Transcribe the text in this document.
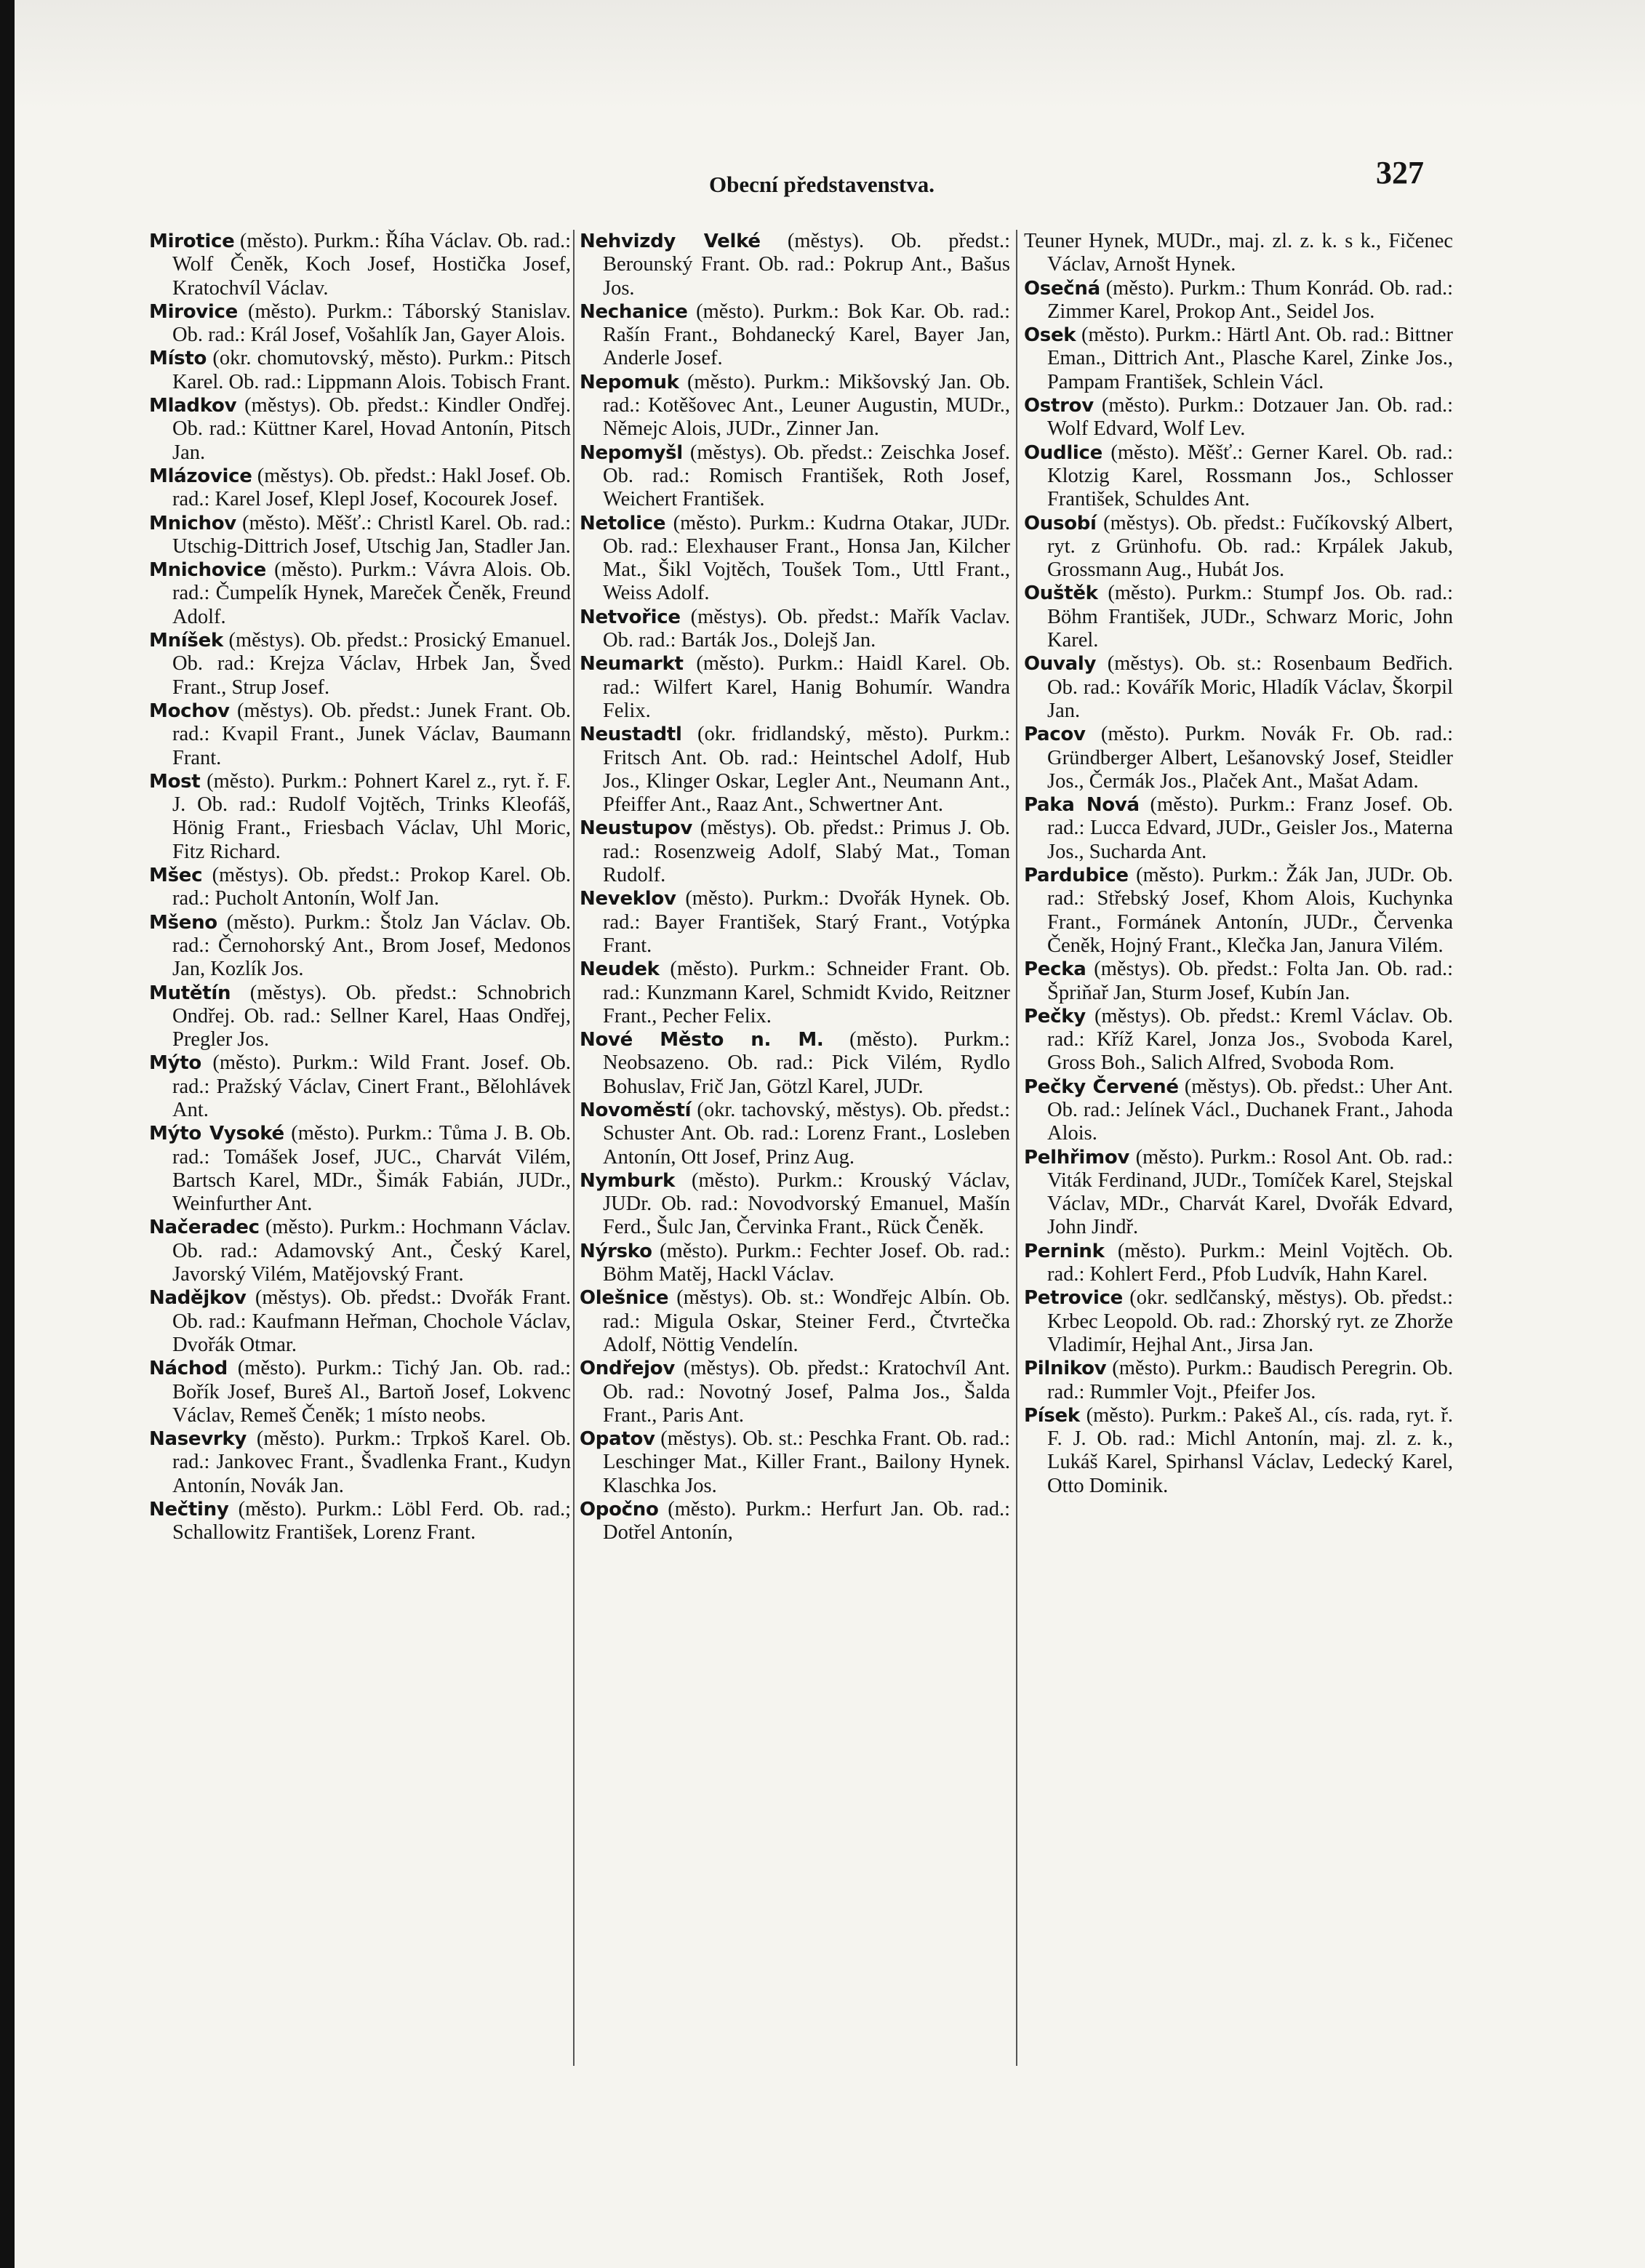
Obecní představenstva.	327

Mirotice (město). Purkm.: Říha Václav. Ob. rad.: Wolf Čeněk, Koch Josef, Hostička Josef, Kratochvíl Václav.

Mirovice (město). Purkm.: Táborský Stanislav. Ob. rad.: Král Josef, Vošahlík Jan, Gayer Alois.

Místo (okr. chomutovský, město). Purkm.: Pitsch Karel. Ob. rad.: Lippmann Alois. Tobisch Frant.

Mladkov (městys). Ob. předst.: Kindler Ondřej. Ob. rad.: Küttner Karel, Hovad Antonín, Pitsch Jan.

Mlázovice (městys). Ob. předst.: Hakl Josef. Ob. rad.: Karel Josef, Klepl Josef, Kocourek Josef.

Mnichov (město). Měšť.: Christl Karel. Ob. rad.: Utschig-Dittrich Josef, Utschig Jan, Stadler Jan.

Mnichovice (město). Purkm.: Vávra Alois. Ob. rad.: Čumpelík Hynek, Mareček Čeněk, Freund Adolf.

Mníšek (městys). Ob. předst.: Prosický Emanuel. Ob. rad.: Krejza Václav, Hrbek Jan, Šved Frant., Strup Josef.

Mochov (městys). Ob. předst.: Junek Frant. Ob. rad.: Kvapil Frant., Junek Václav, Baumann Frant.

Most (město). Purkm.: Pohnert Karel z., ryt. ř. F. J. Ob. rad.: Rudolf Vojtěch, Trinks Kleofáš, Hönig Frant., Friesbach Václav, Uhl Moric, Fitz Richard.

Mšec (městys). Ob. předst.: Prokop Karel. Ob. rad.: Pucholt Antonín, Wolf Jan.

Mšeno (město). Purkm.: Štolz Jan Václav. Ob. rad.: Černohorský Ant., Brom Josef, Medonos Jan, Kozlík Jos.

Mutětín (městys). Ob. předst.: Schnobrich Ondřej. Ob. rad.: Sellner Karel, Haas Ondřej, Pregler Jos.

Mýto (město). Purkm.: Wild Frant. Josef. Ob. rad.: Pražský Václav, Cinert Frant., Bělohlávek Ant.

Mýto Vysoké (město). Purkm.: Tůma J. B. Ob. rad.: Tomášek Josef, JUC., Charvát Vilém, Bartsch Karel, MDr., Šimák Fabián, JUDr., Weinfurther Ant.

Načeradec (město). Purkm.: Hochmann Václav. Ob. rad.: Adamovský Ant., Český Karel, Javorský Vilém, Matějovský Frant.

Nadějkov (městys). Ob. předst.: Dvořák Frant. Ob. rad.: Kaufmann Heřman, Chochole Václav, Dvořák Otmar.

Náchod (město). Purkm.: Tichý Jan. Ob. rad.: Bořík Josef, Bureš Al., Bartoň Josef, Lokvenc Václav, Remeš Čeněk; 1 místo neobs.

Nasevrky (město). Purkm.: Trpkoš Karel. Ob. rad.: Jankovec Frant., Švadlenka Frant., Kudyn Antonín, Novák Jan.

Nečtiny (město). Purkm.: Löbl Ferd. Ob. rad.; Schallowitz František, Lorenz Frant.

Nehvizdy Velké (městys). Ob. předst.: Berounský Frant. Ob. rad.: Pokrup Ant., Bašus Jos.

Nechanice (město). Purkm.: Bok Kar. Ob. rad.: Rašín Frant., Bohdanecký Karel, Bayer Jan, Anderle Josef.

Nepomuk (město). Purkm.: Mikšovský Jan. Ob. rad.: Kotěšovec Ant., Leuner Augustin, MUDr., Němejc Alois, JUDr., Zinner Jan.

Nepomyšl (městys). Ob. předst.: Zeischka Josef. Ob. rad.: Romisch František, Roth Josef, Weichert František.

Netolice (město). Purkm.: Kudrna Otakar, JUDr. Ob. rad.: Elexhauser Frant., Honsa Jan, Kilcher Mat., Šikl Vojtěch, Toušek Tom., Uttl Frant., Weiss Adolf.

Netvořice (městys). Ob. předst.: Mařík Vaclav. Ob. rad.: Barták Jos., Dolejš Jan.

Neumarkt (město). Purkm.: Haidl Karel. Ob. rad.: Wilfert Karel, Hanig Bohumír. Wandra Felix.

Neustadtl (okr. fridlandský, město). Purkm.: Fritsch Ant. Ob. rad.: Heintschel Adolf, Hub Jos., Klinger Oskar, Legler Ant., Neumann Ant., Pfeiffer Ant., Raaz Ant., Schwertner Ant.

Neustupov (městys). Ob. předst.: Primus J. Ob. rad.: Rosenzweig Adolf, Slabý Mat., Toman Rudolf.

Neveklov (město). Purkm.: Dvořák Hynek. Ob. rad.: Bayer František, Starý Frant., Votýpka Frant.

Neudek (město). Purkm.: Schneider Frant. Ob. rad.: Kunzmann Karel, Schmidt Kvido, Reitzner Frant., Pecher Felix.

Nové Město n. M. (město). Purkm.: Neobsazeno. Ob. rad.: Pick Vilém, Rydlo Bohuslav, Frič Jan, Götzl Karel, JUDr.

Novoměstí (okr. tachovský, městys). Ob. předst.: Schuster Ant. Ob. rad.: Lorenz Frant., Losleben Antonín, Ott Josef, Prinz Aug.

Nymburk (město). Purkm.: Krouský Václav, JUDr. Ob. rad.: Novodvorský Emanuel, Mašín Ferd., Šulc Jan, Červinka Frant., Rück Čeněk.

Nýrsko (město). Purkm.: Fechter Josef. Ob. rad.: Böhm Matěj, Hackl Václav.

Olešnice (městys). Ob. st.: Wondřejc Albín. Ob. rad.: Migula Oskar, Steiner Ferd., Čtvrtečka Adolf, Nöttig Vendelín.

Ondřejov (městys). Ob. předst.: Kratochvíl Ant. Ob. rad.: Novotný Josef, Palma Jos., Šalda Frant., Paris Ant.

Opatov (městys). Ob. st.: Peschka Frant. Ob. rad.: Leschinger Mat., Killer Frant., Bailony Hynek. Klaschka Jos.

Opočno (město). Purkm.: Herfurt Jan. Ob. rad.: Dotřel Antonín,

Teuner Hynek, MUDr., maj. zl. z. k. s k., Fičenec Václav, Arnošt Hynek.

Osečná (město). Purkm.: Thum Konrád. Ob. rad.: Zimmer Karel, Prokop Ant., Seidel Jos.

Osek (město). Purkm.: Härtl Ant. Ob. rad.: Bittner Eman., Dittrich Ant., Plasche Karel, Zinke Jos., Pampam František, Schlein Václ.

Ostrov (město). Purkm.: Dotzauer Jan. Ob. rad.: Wolf Edvard, Wolf Lev.

Oudlice (město). Měšť.: Gerner Karel. Ob. rad.: Klotzig Karel, Rossmann Jos., Schlosser František, Schuldes Ant.

Ousobí (městys). Ob. předst.: Fučíkovský Albert, ryt. z Grünhofu. Ob. rad.: Krpálek Jakub, Grossmann Aug., Hubát Jos.

Ouštěk (město). Purkm.: Stumpf Jos. Ob. rad.: Böhm František, JUDr., Schwarz Moric, John Karel.

Ouvaly (městys). Ob. st.: Rosenbaum Bedřich. Ob. rad.: Kovářík Moric, Hladík Václav, Škorpil Jan.

Pacov (město). Purkm. Novák Fr. Ob. rad.: Gründberger Albert, Lešanovský Josef, Steidler Jos., Čermák Jos., Plaček Ant., Mašat Adam.

Paka Nová (město). Purkm.: Franz Josef. Ob. rad.: Lucca Edvard, JUDr., Geisler Jos., Materna Jos., Sucharda Ant.

Pardubice (město). Purkm.: Žák Jan, JUDr. Ob. rad.: Střebský Josef, Khom Alois, Kuchynka Frant., Formánek Antonín, JUDr., Červenka Čeněk, Hojný Frant., Klečka Jan, Janura Vilém.

Pecka (městys). Ob. předst.: Folta Jan. Ob. rad.: Špriňař Jan, Sturm Josef, Kubín Jan.

Pečky (městys). Ob. předst.: Kreml Václav. Ob. rad.: Kříž Karel, Jonza Jos., Svoboda Karel, Gross Boh., Salich Alfred, Svoboda Rom.

Pečky Červené (městys). Ob. předst.: Uher Ant. Ob. rad.: Jelínek Václ., Duchanek Frant., Jahoda Alois.

Pelhřimov (město). Purkm.: Rosol Ant. Ob. rad.: Viták Ferdinand, JUDr., Tomíček Karel, Stejskal Václav, MDr., Charvát Karel, Dvořák Edvard, John Jindř.

Pernink (město). Purkm.: Meinl Vojtěch. Ob. rad.: Kohlert Ferd., Pfob Ludvík, Hahn Karel.

Petrovice (okr. sedlčanský, městys). Ob. předst.: Krbec Leopold. Ob. rad.: Zhorský ryt. ze Zhorže Vladimír, Hejhal Ant., Jirsa Jan.

Pilnikov (město). Purkm.: Baudisch Peregrin. Ob. rad.: Rummler Vojt., Pfeifer Jos.

Písek (město). Purkm.: Pakeš Al., cís. rada, ryt. ř. F. J. Ob. rad.: Michl Antonín, maj. zl. z. k., Lukáš Karel, Spirhansl Václav, Ledecký Karel, Otto Dominik.
